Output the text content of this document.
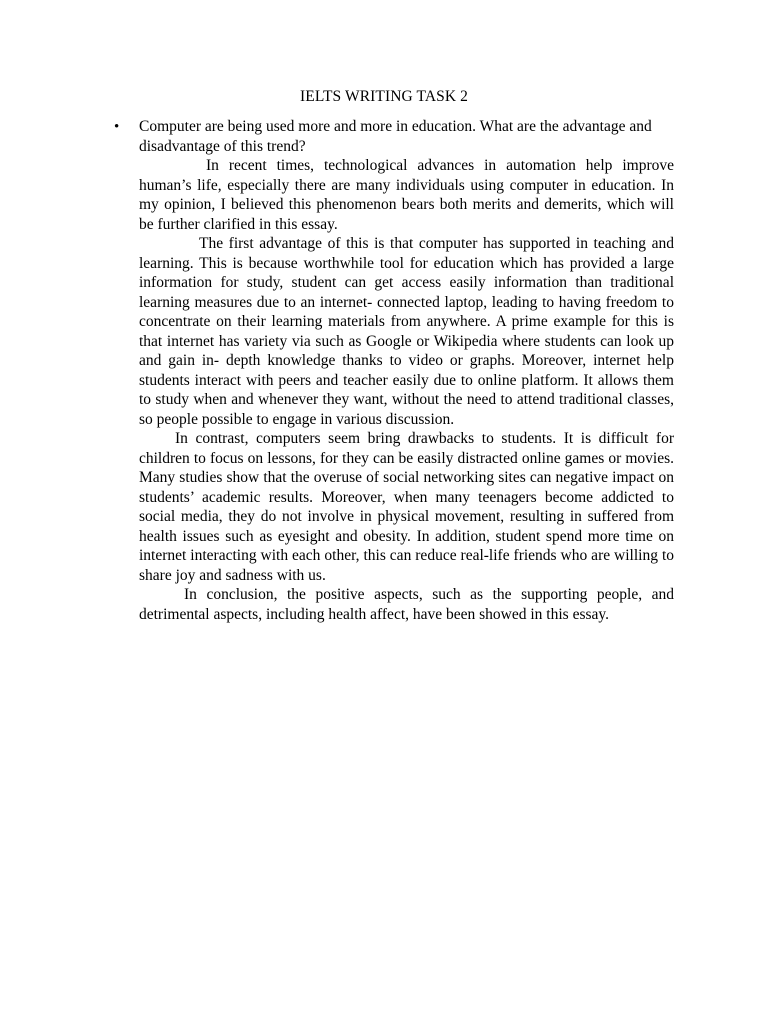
IELTS WRITING TASK 2
• Computer are being used more and more in education. What are the advantage and disadvantage of this trend?

In recent times, technological advances in automation help improve human’s life, especially there are many individuals using computer in education. In my opinion, I believed this phenomenon bears both merits and demerits, which will be further clarified in this essay.

The first advantage of this is that computer has supported in teaching and learning. This is because worthwhile tool for education which has provided a large information for study, student can get access easily information than traditional learning measures due to an internet- connected laptop, leading to having freedom to concentrate on their learning materials from anywhere. A prime example for this is that internet has variety via such as Google or Wikipedia where students can look up and gain in- depth knowledge thanks to video or graphs. Moreover, internet help students interact with peers and teacher easily due to online platform. It allows them to study when and whenever they want, without the need to attend traditional classes, so people possible to engage in various discussion.

In contrast, computers seem bring drawbacks to students. It is difficult for children to focus on lessons, for they can be easily distracted online games or movies. Many studies show that the overuse of social networking sites can negative impact on students’ academic results. Moreover, when many teenagers become addicted to social media, they do not involve in physical movement, resulting in suffered from health issues such as eyesight and obesity. In addition, student spend more time on internet interacting with each other, this can reduce real-life friends who are willing to share joy and sadness with us.

In conclusion, the positive aspects, such as the supporting people, and detrimental aspects, including health affect, have been showed in this essay.
